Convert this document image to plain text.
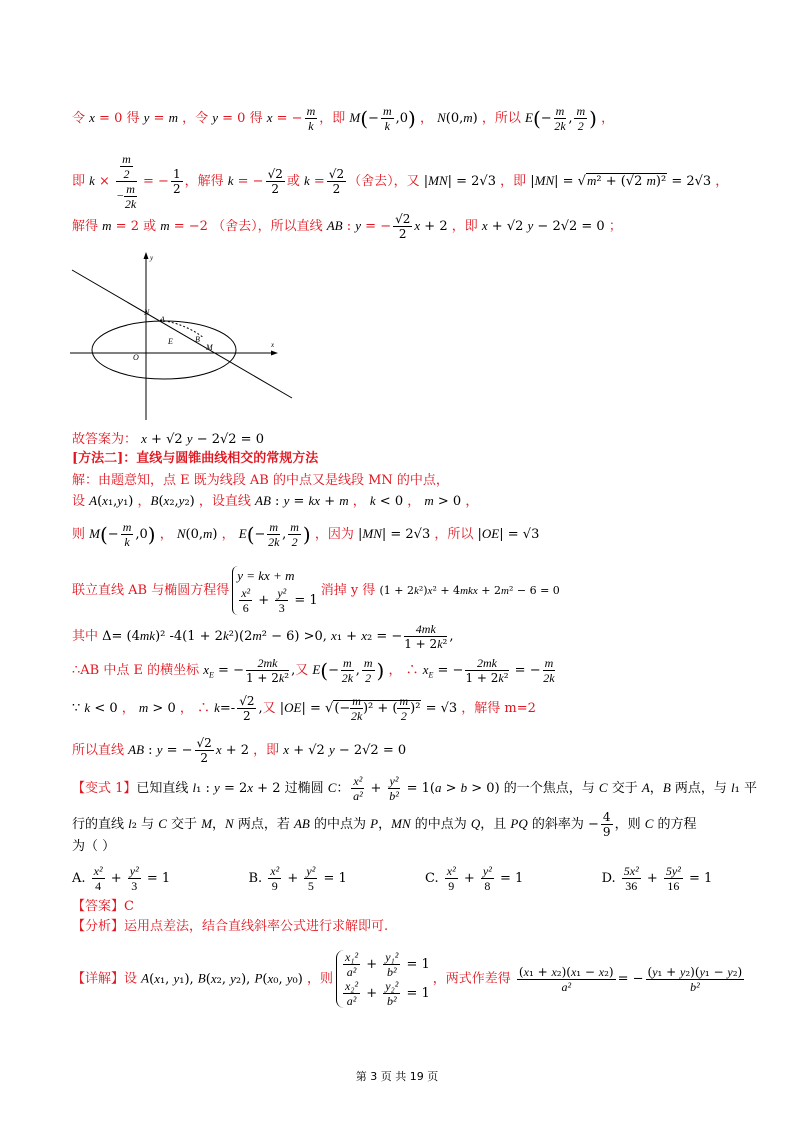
令 x = 0 得 y = m ，令 y = 0 得 x = − $\frac{m}{k}$ ，即 $M(- \frac{m}{k} ,0)$ ， N(0,m) ，所以 $E(- \frac{m}{2k}$ , $\frac{m}{2}$ ) ，
即 $k \times \frac{\frac{m}{2}}{- \frac{m}{2k}}$ = − $\frac{1}{2}$ ，解得 k = − $\frac{√2}{2}$ 或 $k = \frac{√2}{2}$ （舍去），又 |MN| = 2√3 ，即 |MN| = √m² + (√2 m)² = 2√3 ，
解得 m = 2 或 m = −2 （舍去），所以直线 AB : y = − $\frac{√2}{2}$ x + 2 ，即 x + √2 y − 2√2 = 0 ；
y
x
N
A
E	B
M
O
故答案为： x + √2 y − 2√2 = 0
[方法二]：直线与圆锥曲线相交的常规方法
解：由题意知，点 E 既为线段 AB 的中点又是线段 MN 的中点，
设 A(x₁,y₁) ，B(x₂,y₂) ，设直线 AB : y = kx + m ， k < 0 ， m > 0 ，
则 $M(- \frac{m}{k} ,0)$ ， N(0,m) ， $E(- \frac{m}{2k}$ , $\frac{m}{2}$ ) ，因为 |MN| = 2√3 ，所以 |OE| = √3
联立直线 AB 与椭圆方程得
y = kx + m
$\frac{\text{x²}}{6} + \frac{\text{y²}}{3} = 1$
消掉 y 得 (1 + 2k²)x² + 4mkx + 2m² − 6 = 0
其中 Δ= (4mk)² -4(1 + 2k²)(2m² − 6) >0, x₁ + x₂ = − $\frac{4mk}{\text{1 + 2k²}}$ ,
∴AB 中点 E 的横坐标 $x_E$ = − $\frac{2mk}{\text{1 + 2k²}}$ ,又 $E(- \frac{m}{2k}$ , $\frac{m}{2}$ ) ， ∴ $x_E$ = − $\frac{2mk}{\text{1 + 2k²}}$ = − $\frac{m}{2k}$
∵ k < 0 ， m > 0 ， ∴ $k=- \frac{√2}{2}$ ,又 |OE| = √(− $\frac{m}{2k} )^2$ + ( $\frac{m}{2} )^2 = √3$ ，解得 m=2
所以直线 AB : y = − $\frac{√2}{2}$ x + 2 ，即 x + √2 y − 2√2 = 0
【变式 1】已知直线 l₁ : y = 2x + 2 过椭圆 C： $\frac{\text{x²}}{\text{a²}} + \frac{\text{y²}}{\text{b²}} = 1(a > b > 0)$ 的一个焦点，与 C 交于 A，B 两点，与 l₁ 平
行的直线 l₂ 与 C 交于 M，N 两点，若 AB 的中点为 P，MN 的中点为 Q，且 PQ 的斜率为 − $\frac{4}{9}$ ，则 C 的方程
为（ ）
A. $\frac{\text{x²}}{4} + \frac{\text{y²}}{3} = 1$	B. $\frac{\text{x²}}{9} + \frac{\text{y²}}{5} = 1$	C. $\frac{\text{x²}}{9} + \frac{\text{y²}}{8} = 1$	D. $\frac{\text{5x²}}{36} + \frac{\text{5y²}}{16} = 1$
【答案】C
【分析】运用点差法，结合直线斜率公式进行求解即可.
【详解】设 A(x₁, y₁), B(x₂, y₂), P(x₀, y₀) ，则 $\frac{\text{x₁²}}{\text{a²}} + \frac{\text{y₁²}}{\text{b²}} = 1$
$\frac{\text{x₂²}}{\text{a²}} + \frac{\text{y₂²}}{\text{b²}} = 1$
，两式作差得 $\frac{\text{(x₁ + x₂)(x₁ − x₂)}}{\text{a²}}$ = − $\frac{\text{(y₁ + y₂)(y₁ − y₂)}}{\text{b²}}$
第 3 页 共 19 页
